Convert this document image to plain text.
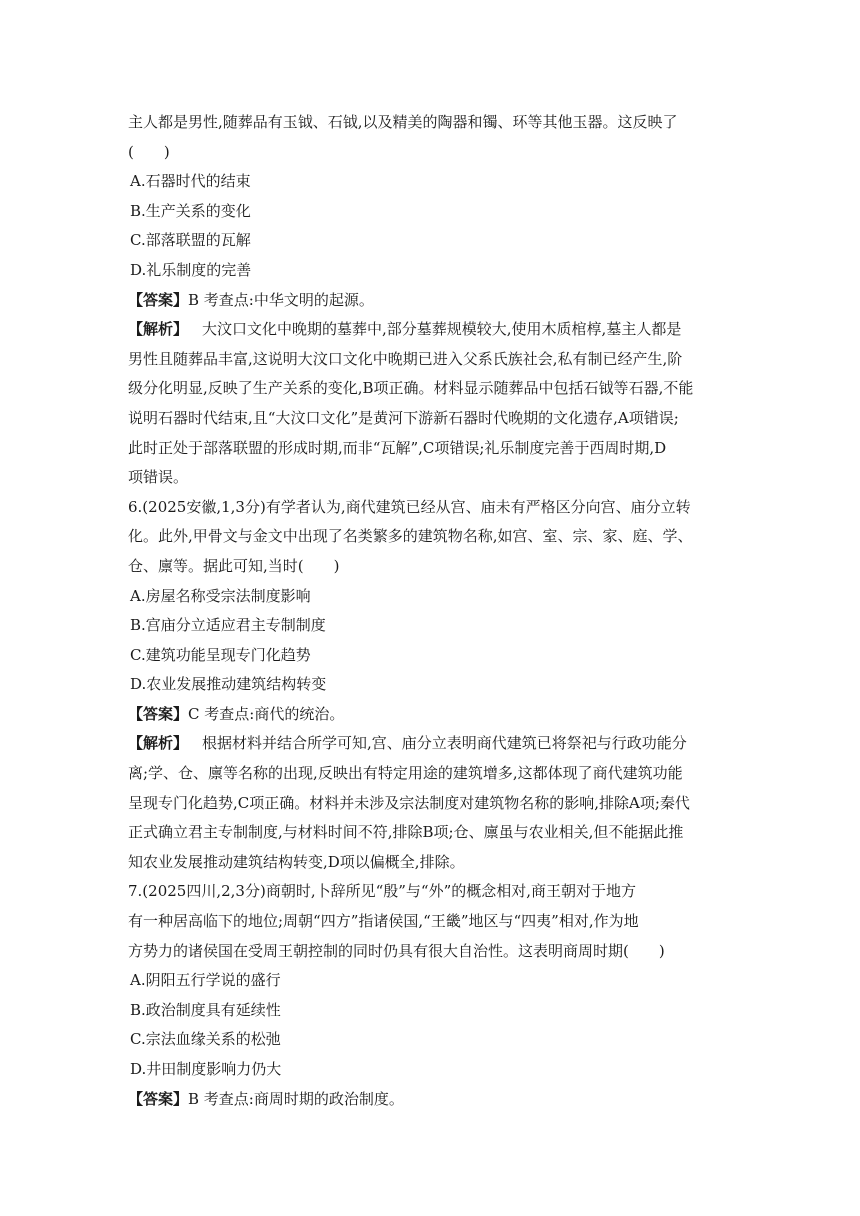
主人都是男性,随葬品有玉钺、石钺,以及精美的陶器和镯、环等其他玉器。这反映了
(　　)
A.石器时代的结束
B.生产关系的变化
C.部落联盟的瓦解
D.礼乐制度的完善
【答案】B 考查点:中华文明的起源。
【解析】 大汶口文化中晚期的墓葬中,部分墓葬规模较大,使用木质棺椁,墓主人都是
男性且随葬品丰富,这说明大汶口文化中晚期已进入父系氏族社会,私有制已经产生,阶
级分化明显,反映了生产关系的变化,B项正确。材料显示随葬品中包括石钺等石器,不能
说明石器时代结束,且“大汶口文化”是黄河下游新石器时代晚期的文化遗存,A项错误;
此时正处于部落联盟的形成时期,而非“瓦解”,C项错误;礼乐制度完善于西周时期,D
项错误。
6.(2025安徽,1,3分)有学者认为,商代建筑已经从宫、庙未有严格区分向宫、庙分立转
化。此外,甲骨文与金文中出现了名类繁多的建筑物名称,如宫、室、宗、家、庭、学、
仓、廪等。据此可知,当时(　　)
A.房屋名称受宗法制度影响
B.宫庙分立适应君主专制制度
C.建筑功能呈现专门化趋势
D.农业发展推动建筑结构转变
【答案】C 考查点:商代的统治。
【解析】 根据材料并结合所学可知,宫、庙分立表明商代建筑已将祭祀与行政功能分
离;学、仓、廪等名称的出现,反映出有特定用途的建筑增多,这都体现了商代建筑功能
呈现专门化趋势,C项正确。材料并未涉及宗法制度对建筑物名称的影响,排除A项;秦代
正式确立君主专制制度,与材料时间不符,排除B项;仓、廪虽与农业相关,但不能据此推
知农业发展推动建筑结构转变,D项以偏概全,排除。
7.(2025四川,2,3分)商朝时,卜辞所见“殷”与“外”的概念相对,商王朝对于地方
有一种居高临下的地位;周朝“四方”指诸侯国,“王畿”地区与“四夷”相对,作为地
方势力的诸侯国在受周王朝控制的同时仍具有很大自治性。这表明商周时期(　　)
A.阴阳五行学说的盛行
B.政治制度具有延续性
C.宗法血缘关系的松弛
D.井田制度影响力仍大
【答案】B 考查点:商周时期的政治制度。
